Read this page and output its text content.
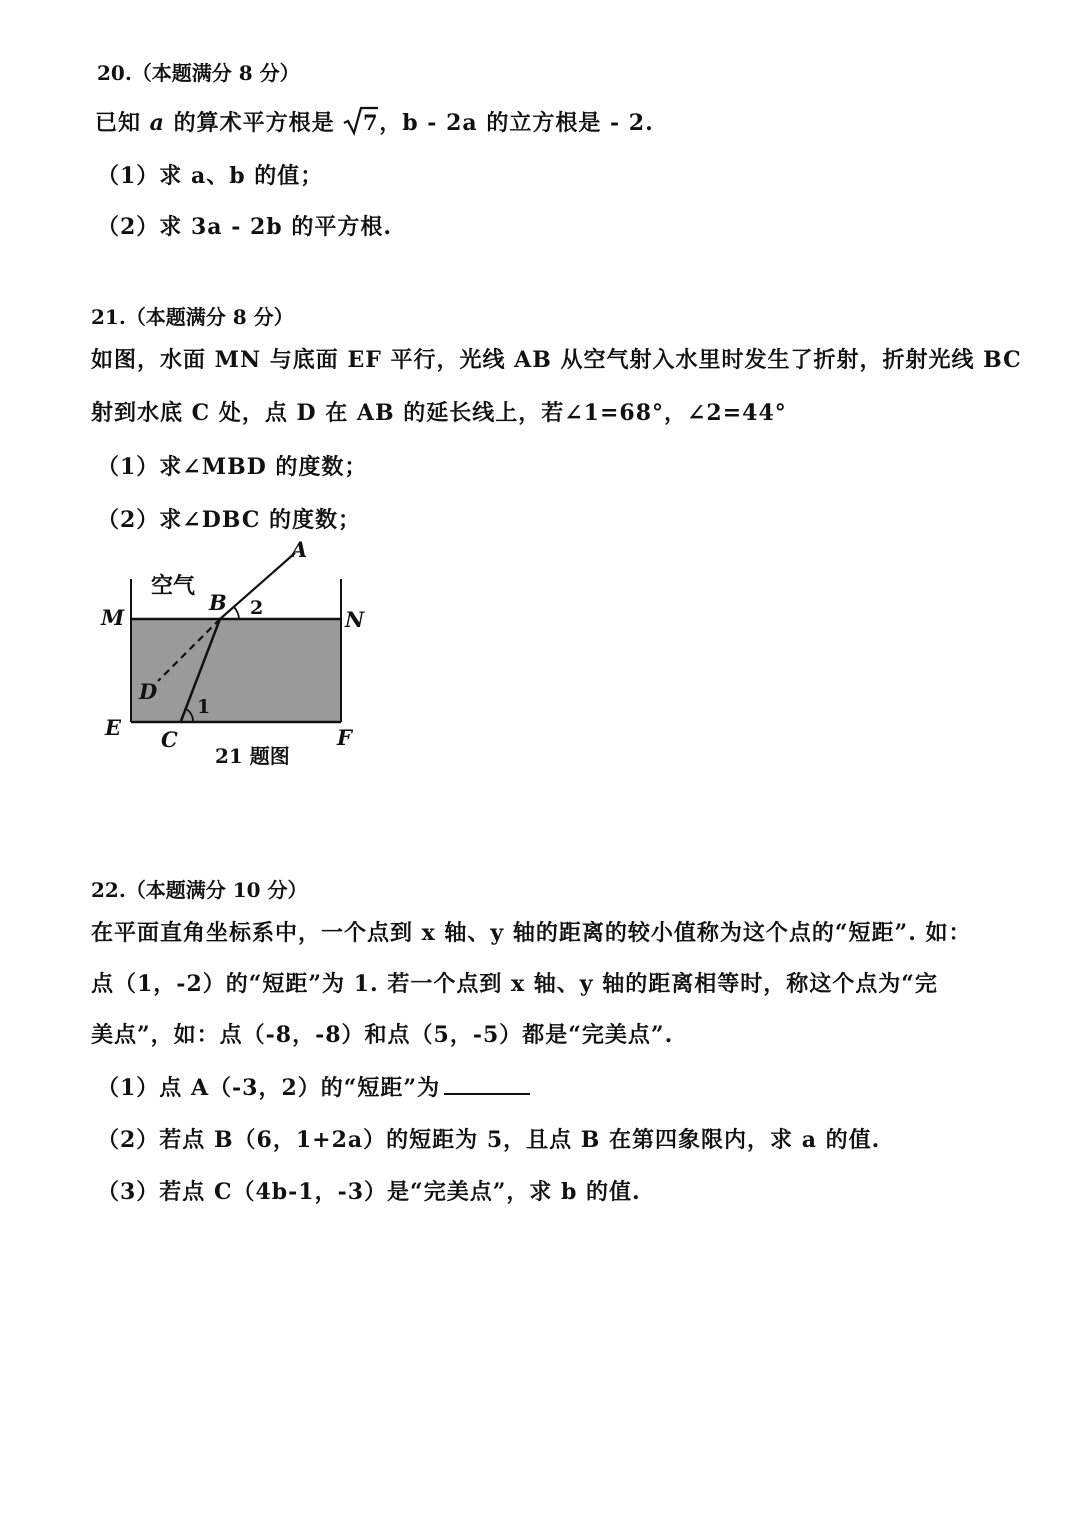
20.（本题满分 8 分）
已知 a 的算术平方根是 7 ，b - 2a 的立方根是 - 2.
（1）求 a、b 的值；
（2）求 3a - 2b 的平方根.
21.（本题满分 8 分）
如图，水面 MN 与底面 EF 平行，光线 AB 从空气射入水里时发生了折射，折射光线 BC
射到水底 C 处，点 D 在 AB 的延长线上，若∠1=68°，∠2=44°
（1）求∠MBD 的度数；
（2）求∠DBC 的度数；
空气
A
B 2
M	N
D
1
E C	F
21 题图
22.（本题满分 10 分）
在平面直角坐标系中，一个点到 x 轴、y 轴的距离的较小值称为这个点的“短距”. 如：
点（1，-2）的“短距”为 1. 若一个点到 x 轴、y 轴的距离相等时，称这个点为“完
美点”，如：点（-8，-8）和点（5，-5）都是“完美点”.
（1）点 A（-3，2）的“短距”为
（2）若点 B（6，1+2a）的短距为 5，且点 B 在第四象限内，求 a 的值.
（3）若点 C（4b-1，-3）是“完美点”，求 b 的值.
